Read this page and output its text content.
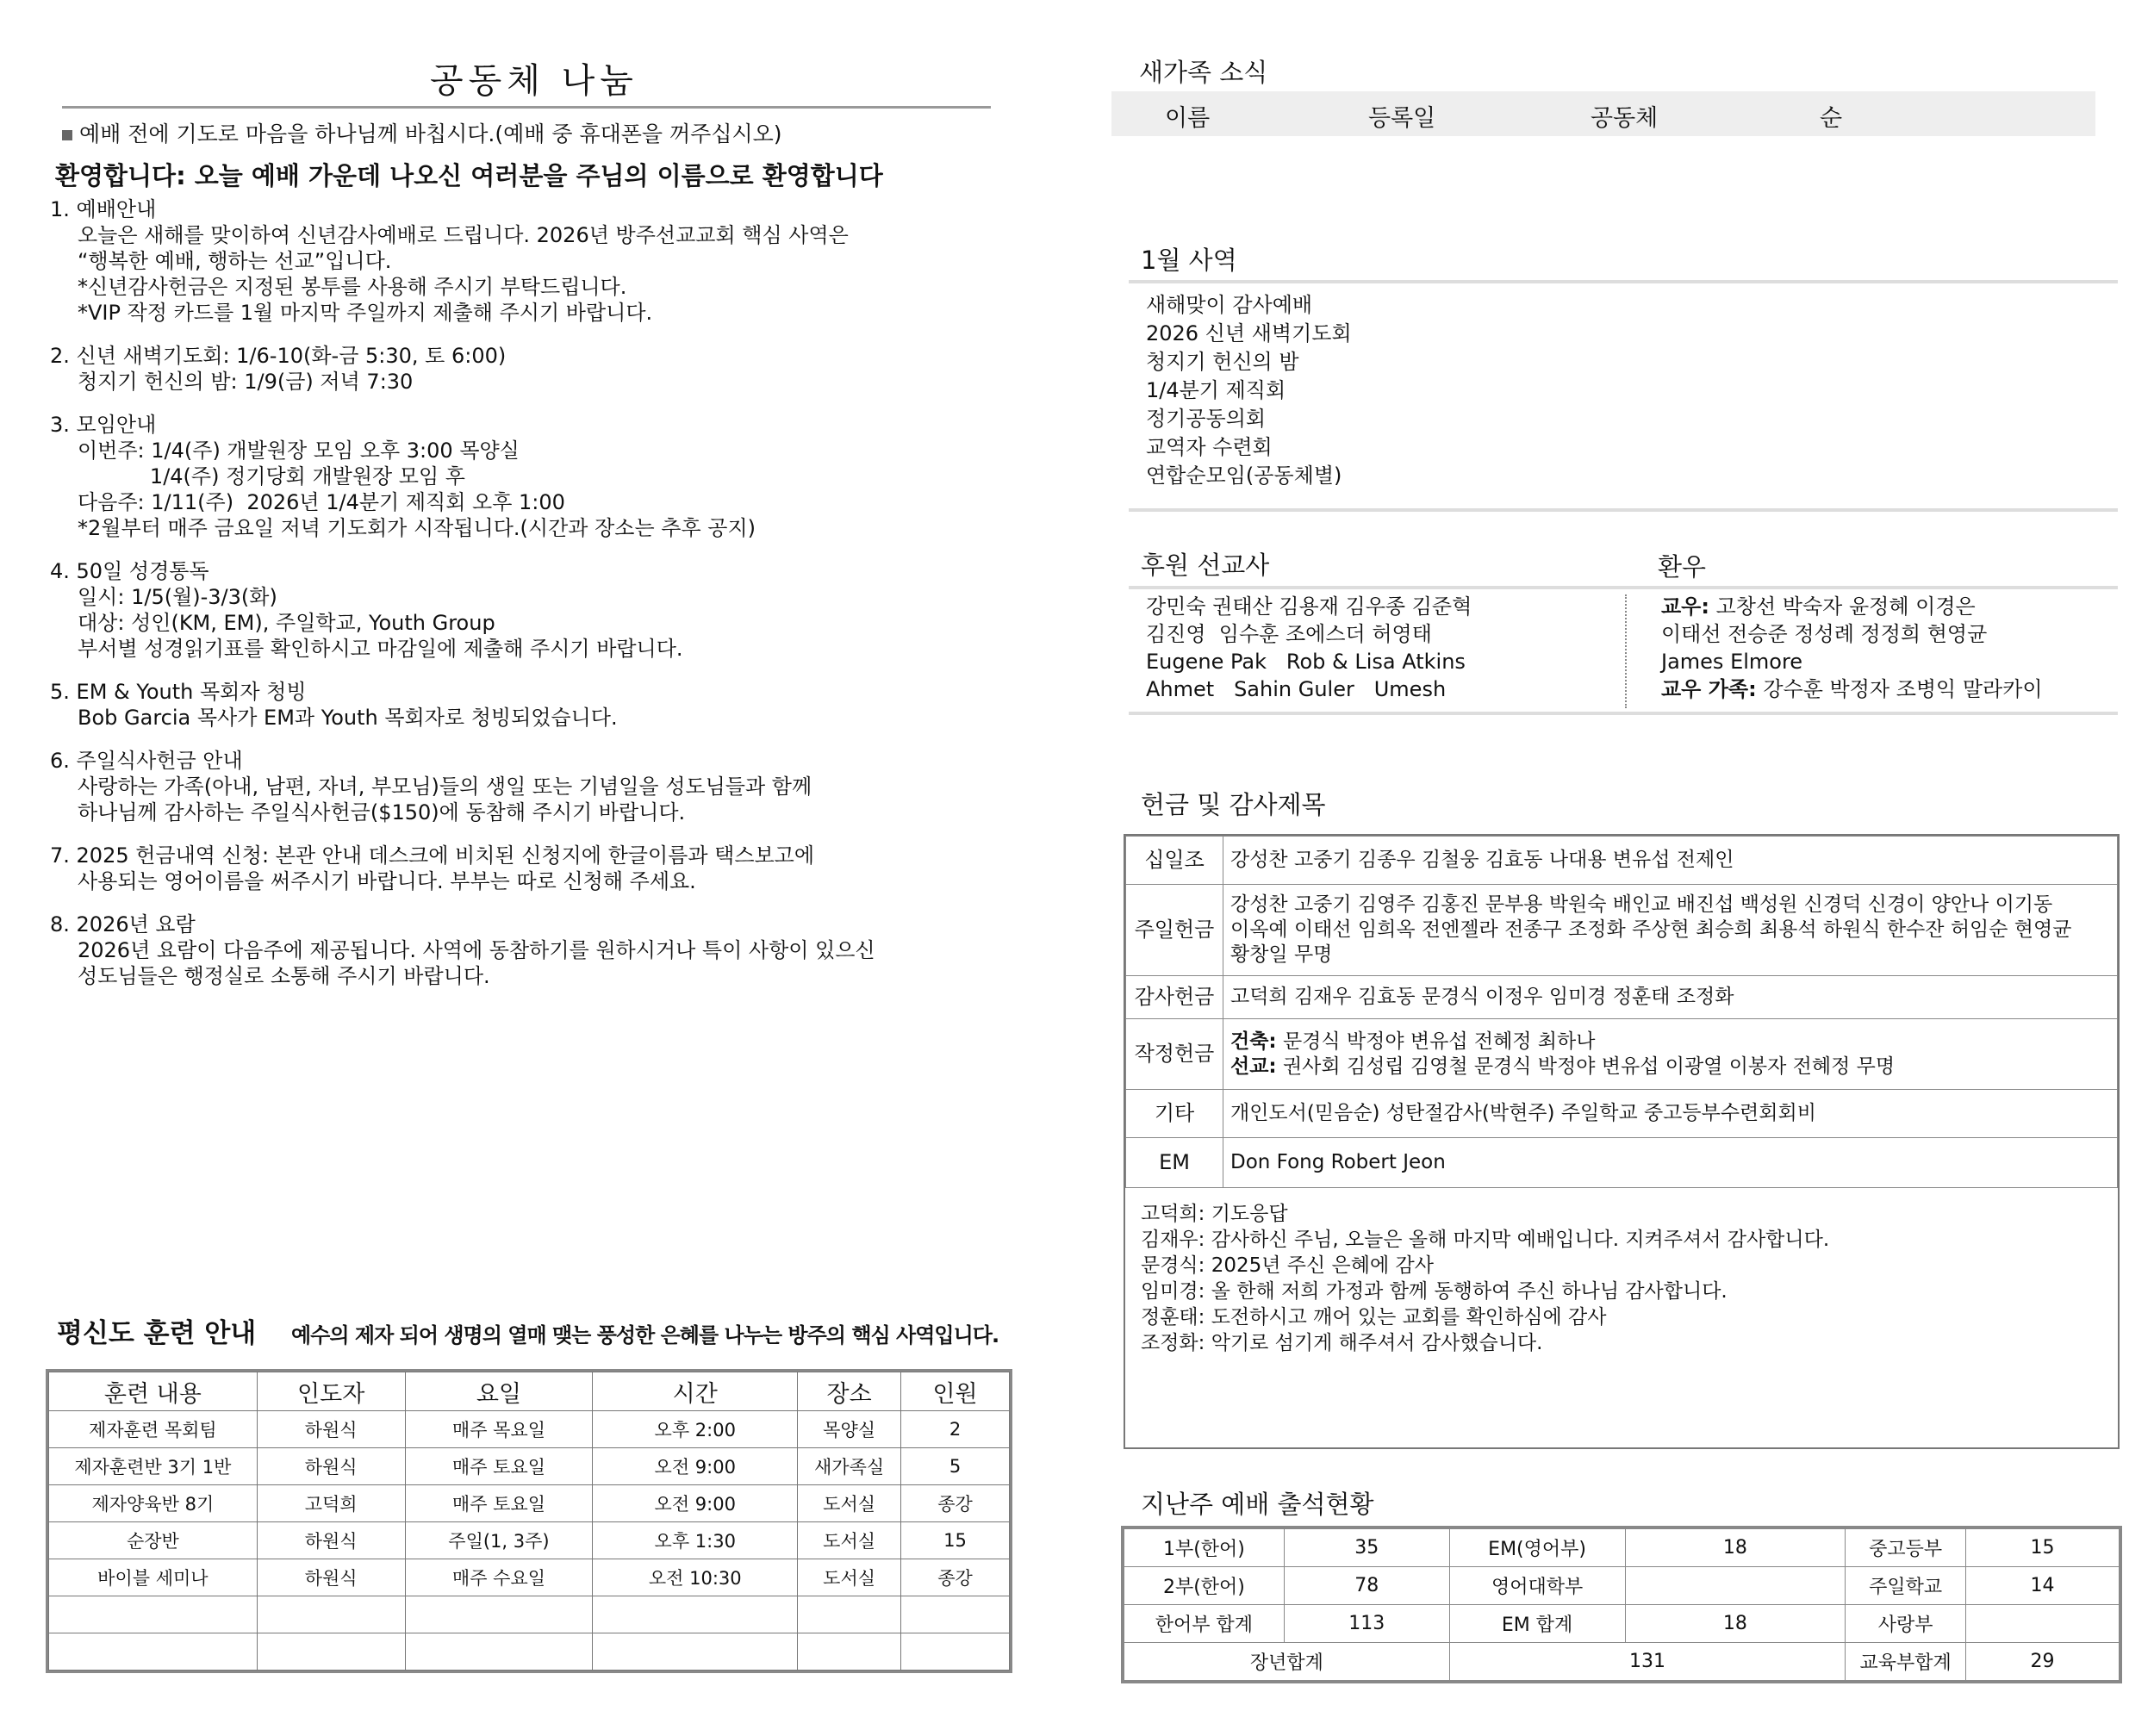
공동체 나눔
예배 전에 기도로 마음을 하나님께 바칩시다.(예배 중 휴대폰을 꺼주십시오)
환영합니다: 오늘 예배 가운데 나오신 여러분을 주님의 이름으로 환영합니다
1. 예배안내
오늘은 새해를 맞이하여 신년감사예배로 드립니다. 2026년 방주선교교회 핵심 사역은
“행복한 예배, 행하는 선교”입니다.
*신년감사헌금은 지정된 봉투를 사용해 주시기 부탁드립니다.
*VIP 작정 카드를 1월 마지막 주일까지 제출해 주시기 바랍니다.
2. 신년 새벽기도회: 1/6-10(화-금 5:30, 토 6:00)
청지기 헌신의 밤: 1/9(금) 저녁 7:30
3. 모임안내
이번주: 1/4(주) 개발원장 모임 오후 3:00 목양실
1/4(주) 정기당회 개발원장 모임 후
다음주: 1/11(주)  2026년 1/4분기 제직회 오후 1:00
*2월부터 매주 금요일 저녁 기도회가 시작됩니다.(시간과 장소는 추후 공지)
4. 50일 성경통독
일시: 1/5(월)-3/3(화)
대상: 성인(KM, EM), 주일학교, Youth Group
부서별 성경읽기표를 확인하시고 마감일에 제출해 주시기 바랍니다.
5. EM & Youth 목회자 청빙
Bob Garcia 목사가 EM과 Youth 목회자로 청빙되었습니다.
6. 주일식사헌금 안내
사랑하는 가족(아내, 남편, 자녀, 부모님)들의 생일 또는 기념일을 성도님들과 함께
하나님께 감사하는 주일식사헌금($150)에 동참해 주시기 바랍니다.
7. 2025 헌금내역 신청: 본관 안내 데스크에 비치된 신청지에 한글이름과 택스보고에
사용되는 영어이름을 써주시기 바랍니다. 부부는 따로 신청해 주세요.
8. 2026년 요람
2026년 요람이 다음주에 제공됩니다. 사역에 동참하기를 원하시거나 특이 사항이 있으신
성도님들은 행정실로 소통해 주시기 바랍니다.
평신도 훈련 안내 예수의 제자 되어 생명의 열매 맺는 풍성한 은혜를 나누는 방주의 핵심 사역입니다.
훈련 내용	인도자	요일	시간	장소	인원
제자훈련 목회팀	하원식	매주 목요일	오후 2:00	목양실	2
제자훈련반 3기 1반	하원식	매주 토요일	오전 9:00	새가족실	5
제자양육반 8기	고덕희	매주 토요일	오전 9:00	도서실	종강
순장반	하원식	주일(1, 3주)	오후 1:30	도서실	15
바이블 세미나	하원식	매주 수요일	오전 10:30	도서실	종강

새가족 소식
이름	등록일	공동체	순
1월 사역
새해맞이 감사예배
2026 신년 새벽기도회
청지기 헌신의 밤
1/4분기 제직회
정기공동의회
교역자 수련회
연합순모임(공동체별)
후원 선교사	환우
강민숙 권태산 김용재 김우종 김준혁
김진영  임수훈 조에스더 허영태
Eugene Pak   Rob & Lisa Atkins
Ahmet   Sahin Guler   Umesh
교우: 고창선 박숙자 윤정혜 이경은
이태선 전승준 정성례 정정희 현영균
James Elmore
교우 가족: 강수훈 박정자 조병익 말라카이
헌금 및 감사제목
십일조	강성찬 고중기 김종우 김철웅 김효동 나대용 변유섭 전제인
주일헌금	강성찬 고중기 김영주 김홍진 문부용 박원숙 배인교 배진섭 백성원 신경덕 신경이 양안나 이기동
이옥예 이태선 임희옥 전엔젤라 전종구 조정화 주상현 최승희 최용석 하원식 한수잔 허임순 현영균
황창일 무명

감사헌금	고덕희 김재우 김효동 문경식 이정우 임미경 정훈태 조정화
작정헌금	건축: 문경식 박정야 변유섭 전혜정 최하나
선교: 권사회 김성립 김영철 문경식 박정야 변유섭 이광열 이봉자 전혜정 무명

기타	개인도서(믿음순) 성탄절감사(박현주) 주일학교 중고등부수련회회비
EM	Don Fong Robert Jeon
고덕희: 기도응답
김재우: 감사하신 주님, 오늘은 올해 마지막 예배입니다. 지켜주셔서 감사합니다.
문경식: 2025년 주신 은혜에 감사
임미경: 올 한해 저희 가정과 함께 동행하여 주신 하나님 감사합니다.
정훈태: 도전하시고 깨어 있는 교회를 확인하심에 감사
조정화: 악기로 섬기게 해주셔서 감사했습니다.
지난주 예배 출석현황
1부(한어)	35	EM(영어부)	18	중고등부	15
2부(한어)	78	영어대학부		주일학교	14
한어부 합계	113	EM 합계	18	사랑부	
장년합계		131		교육부합계	29
